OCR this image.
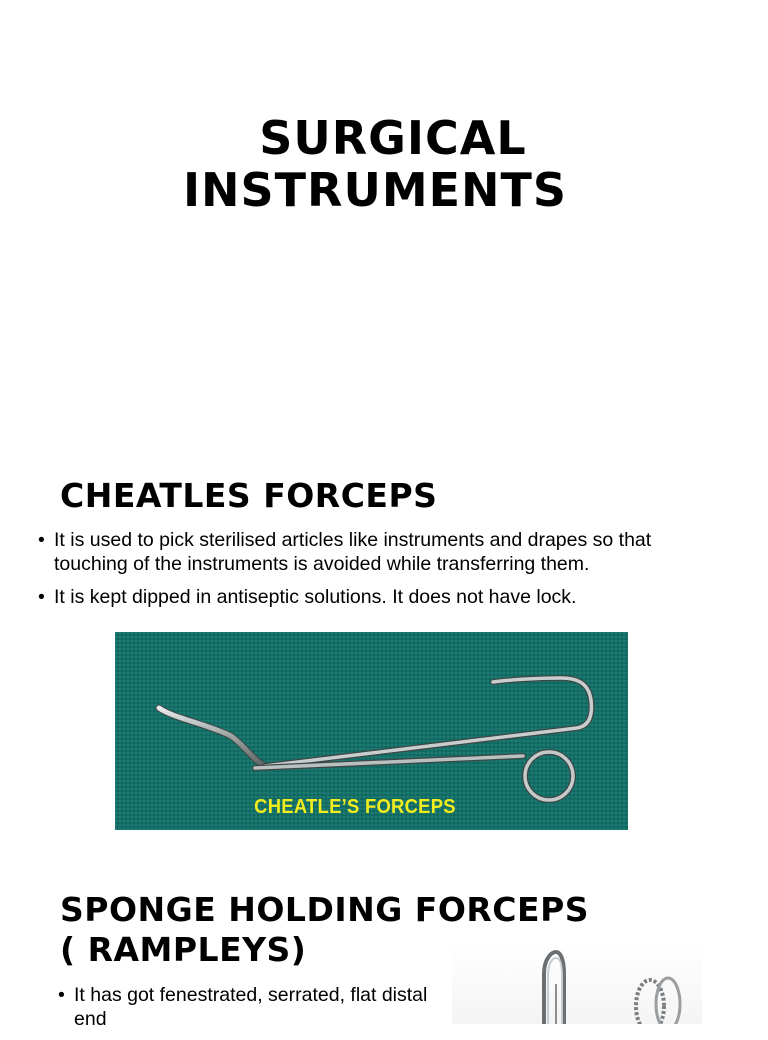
SURGICAL
INSTRUMENTS
CHEATLES FORCEPS
• It is used to pick sterilised articles like instruments and drapes so that touching of the instruments is avoided while transferring them.
• It is kept dipped in antiseptic solutions. It does not have lock.
CHEATLE’S FORCEPS
SPONGE HOLDING FORCEPS
( RAMPLEYS)
• It has got fenestrated, serrated, flat distal end
